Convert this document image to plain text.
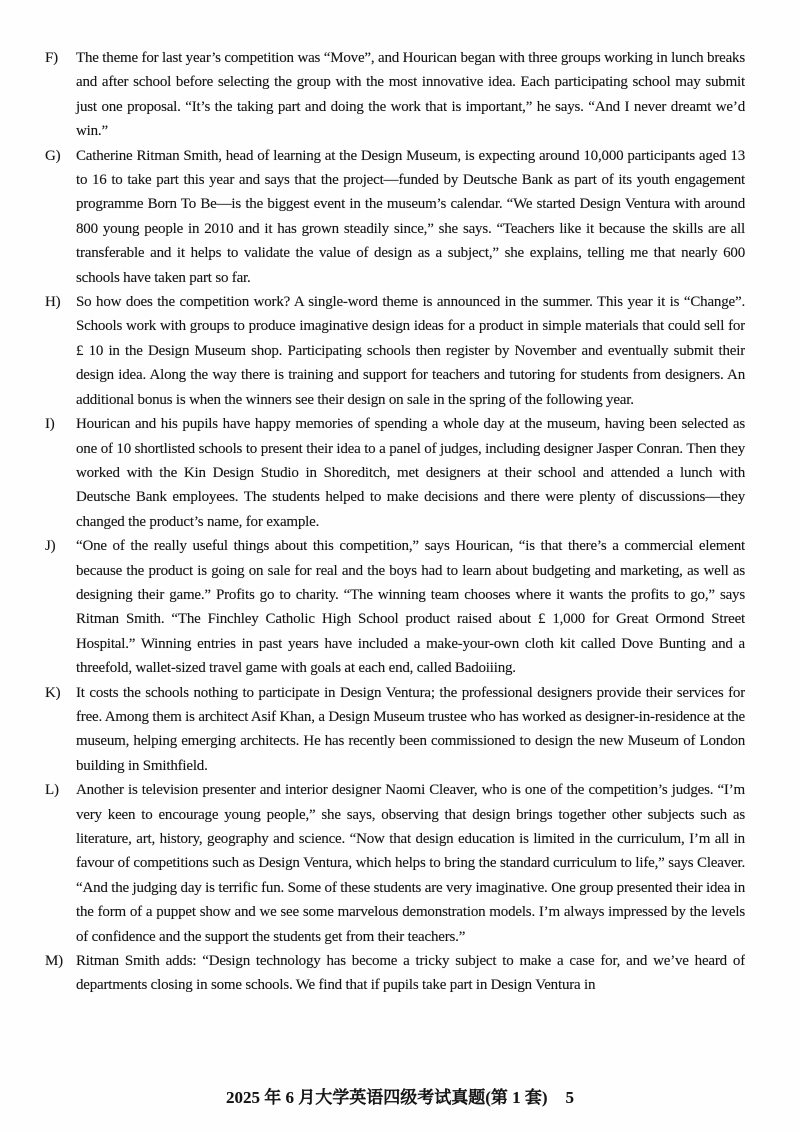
F)	The theme for last year’s competition was “Move”, and Hourican began with three groups working in lunch breaks and after school before selecting the group with the most innovative idea. Each participating school may submit just one proposal. “It’s the taking part and doing the work that is important,” he says. “And I never dreamt we’d win.”

G)	Catherine Ritman Smith, head of learning at the Design Museum, is expecting around 10,000 participants aged 13 to 16 to take part this year and says that the project—funded by Deutsche Bank as part of its youth engagement programme Born To Be—is the biggest event in the museum’s calendar. “We started Design Ventura with around 800 young people in 2010 and it has grown steadily since,” she says. “Teachers like it because the skills are all transferable and it helps to validate the value of design as a subject,” she explains, telling me that nearly 600 schools have taken part so far.

H)	So how does the competition work? A single-word theme is announced in the summer. This year it is “Change”. Schools work with groups to produce imaginative design ideas for a product in simple materials that could sell for £ 10 in the Design Museum shop. Participating schools then register by November and eventually submit their design idea. Along the way there is training and support for teachers and tutoring for students from designers. An additional bonus is when the winners see their design on sale in the spring of the following year.

I)	Hourican and his pupils have happy memories of spending a whole day at the museum, having been selected as one of 10 shortlisted schools to present their idea to a panel of judges, including designer Jasper Conran. Then they worked with the Kin Design Studio in Shoreditch, met designers at their school and attended a lunch with Deutsche Bank employees. The students helped to make decisions and there were plenty of discussions—they changed the product’s name, for example.

J)	“One of the really useful things about this competition,” says Hourican, “is that there’s a commercial element because the product is going on sale for real and the boys had to learn about budgeting and marketing, as well as designing their game.” Profits go to charity. “The winning team chooses where it wants the profits to go,” says Ritman Smith. “The Finchley Catholic High School product raised about £ 1,000 for Great Ormond Street Hospital.” Winning entries in past years have included a make-your-own cloth kit called Dove Bunting and a threefold, wallet-sized travel game with goals at each end, called Badoiiing.

K)	It costs the schools nothing to participate in Design Ventura; the professional designers provide their services for free. Among them is architect Asif Khan, a Design Museum trustee who has worked as designer-in-residence at the museum, helping emerging architects. He has recently been commissioned to design the new Museum of London building in Smithfield.

L)	Another is television presenter and interior designer Naomi Cleaver, who is one of the competition’s judges. “I’m very keen to encourage young people,” she says, observing that design brings together other subjects such as literature, art, history, geography and science. “Now that design education is limited in the curriculum, I’m all in favour of competitions such as Design Ventura, which helps to bring the standard curriculum to life,” says Cleaver. “And the judging day is terrific fun. Some of these students are very imaginative. One group presented their idea in the form of a puppet show and we see some marvelous demonstration models. I’m always impressed by the levels of confidence and the support the students get from their teachers.”

M) Ritman Smith adds: “Design technology has become a tricky subject to make a case for, and we’ve heard of departments closing in some schools. We find that if pupils take part in Design Ventura in

2025 年 6 月大学英语四级考试真题(第 1 套) 5
